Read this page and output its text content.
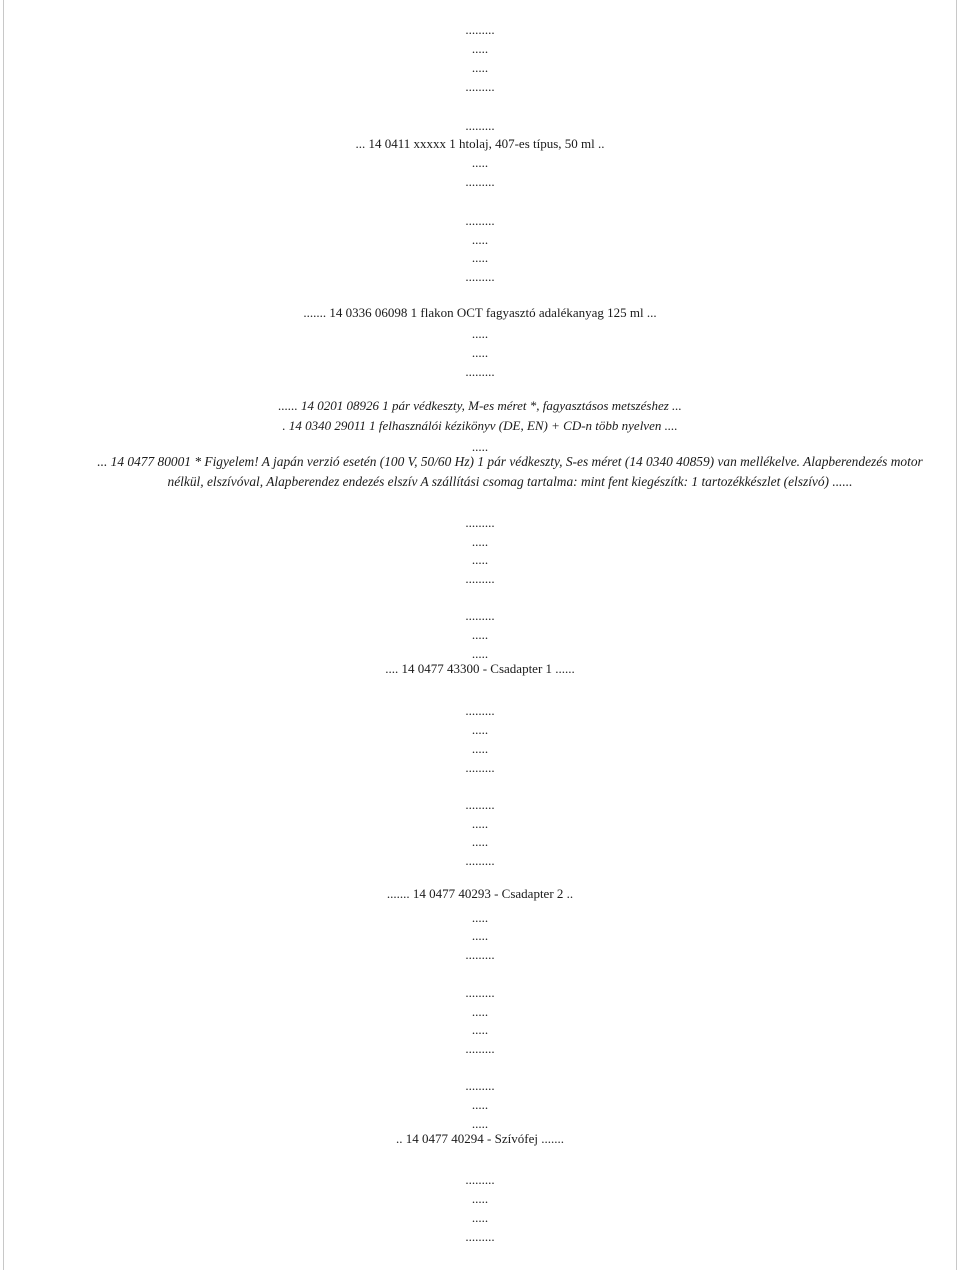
.........
.....
.....
.........
.........
... 14 0411 xxxxx 1 htolaj, 407-es típus, 50 ml ..
.....
.........
.........
.....
.....
.........
....... 14 0336 06098 1 flakon OCT fagyasztó adalékanyag 125 ml ...
.....
.....
.........
...... 14 0201 08926 1 pár védkeszty, M-es méret *, fagyasztásos metszéshez ...
. 14 0340 29011 1 felhasználói kézikönyv (DE, EN) + CD-n több nyelven ....
.....
.........
.....
.....
.........
.........
.....
.....
.... 14 0477 43300 - Csadapter 1 ......
.........
.....
.....
.........
.........
.....
.....
.........
....... 14 0477 40293 - Csadapter 2 ..
.....
.....
.........
.........
.....
.....
.........
.........
.....
.....
.. 14 0477 40294 - Szívófej .......
.........
.....
.....
.........
... 14 0477 80001 * Figyelem! A japán verzió esetén (100 V, 50/60 Hz) 1 pár védkeszty, S-es méret (14 0340 40859) van mellékelve. Alapberendezés motor nélkül, elszívóval, Alapberendez endezés elszív A szállítási csomag tartalma: mint fent kiegészítk: 1 tartozékkészlet (elszívó) ......
